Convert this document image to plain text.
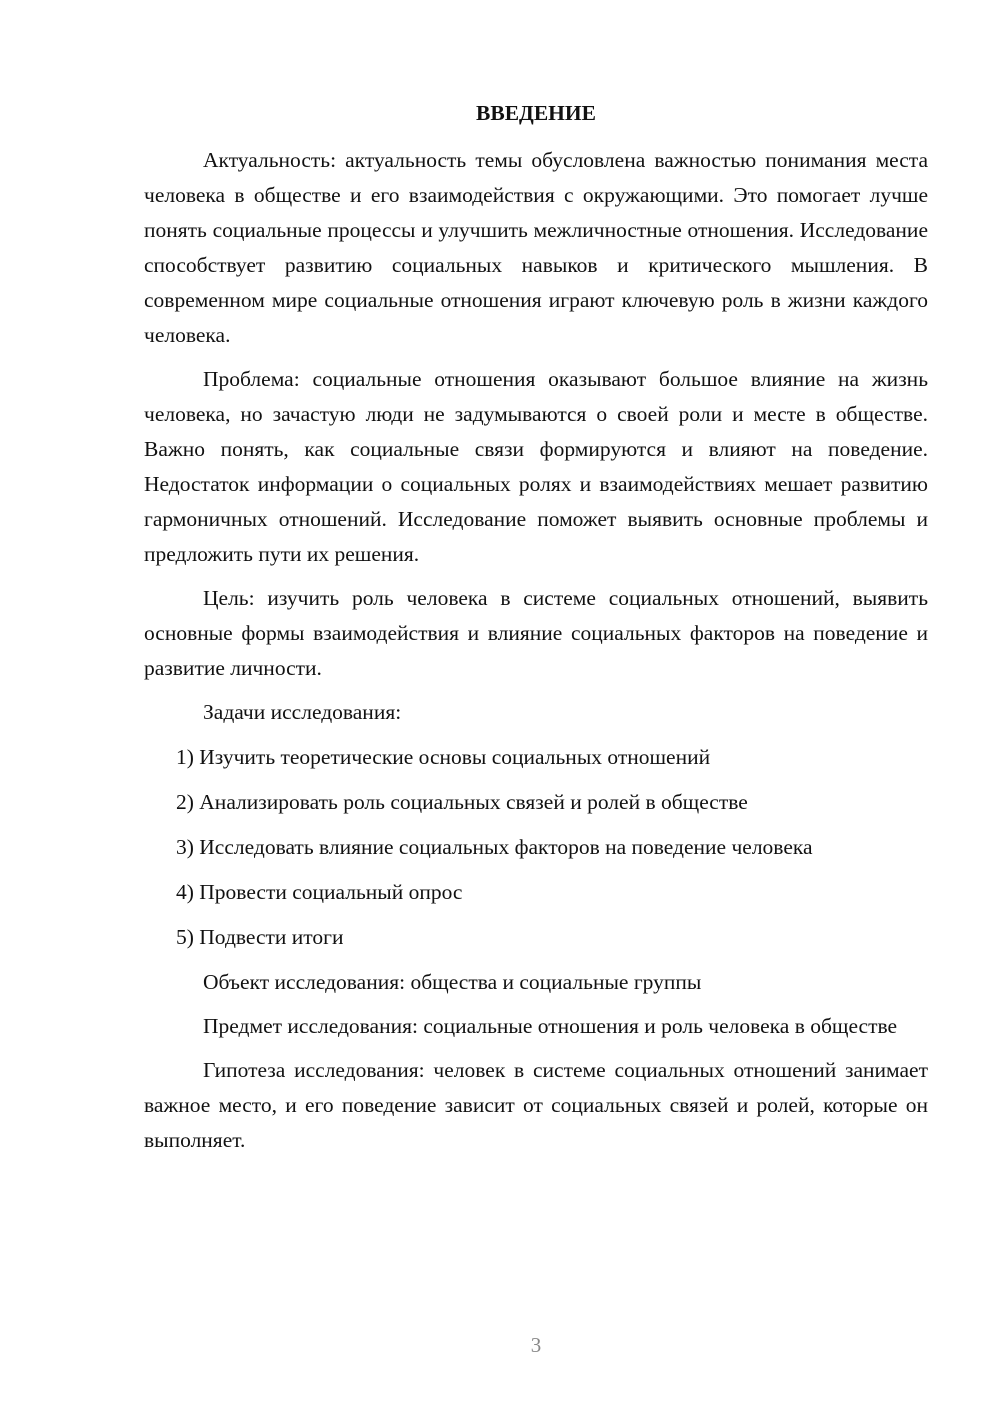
ВВЕДЕНИЕ

Актуальность: актуальность темы обусловлена важностью понимания места человека в обществе и его взаимодействия с окружающими. Это помогает лучше понять социальные процессы и улучшить межличностные отношения. Исследование способствует развитию социальных навыков и критического мышления. В современном мире социальные отношения играют ключевую роль в жизни каждого человека.

Проблема: социальные отношения оказывают большое влияние на жизнь человека, но зачастую люди не задумываются о своей роли и месте в обществе. Важно понять, как социальные связи формируются и влияют на поведение. Недостаток информации о социальных ролях и взаимодействиях мешает развитию гармоничных отношений. Исследование поможет выявить основные проблемы и предложить пути их решения.

Цель: изучить роль человека в системе социальных отношений, выявить основные формы взаимодействия и влияние социальных факторов на поведение и развитие личности.

Задачи исследования:

1) Изучить теоретические основы социальных отношений
2) Анализировать роль социальных связей и ролей в обществе
3) Исследовать влияние социальных факторов на поведение человека
4) Провести социальный опрос
5) Подвести итоги

Объект исследования: общества и социальные группы

Предмет исследования: социальные отношения и роль человека в обществе

Гипотеза исследования: человек в системе социальных отношений занимает важное место, и его поведение зависит от социальных связей и ролей, которые он выполняет.

3
